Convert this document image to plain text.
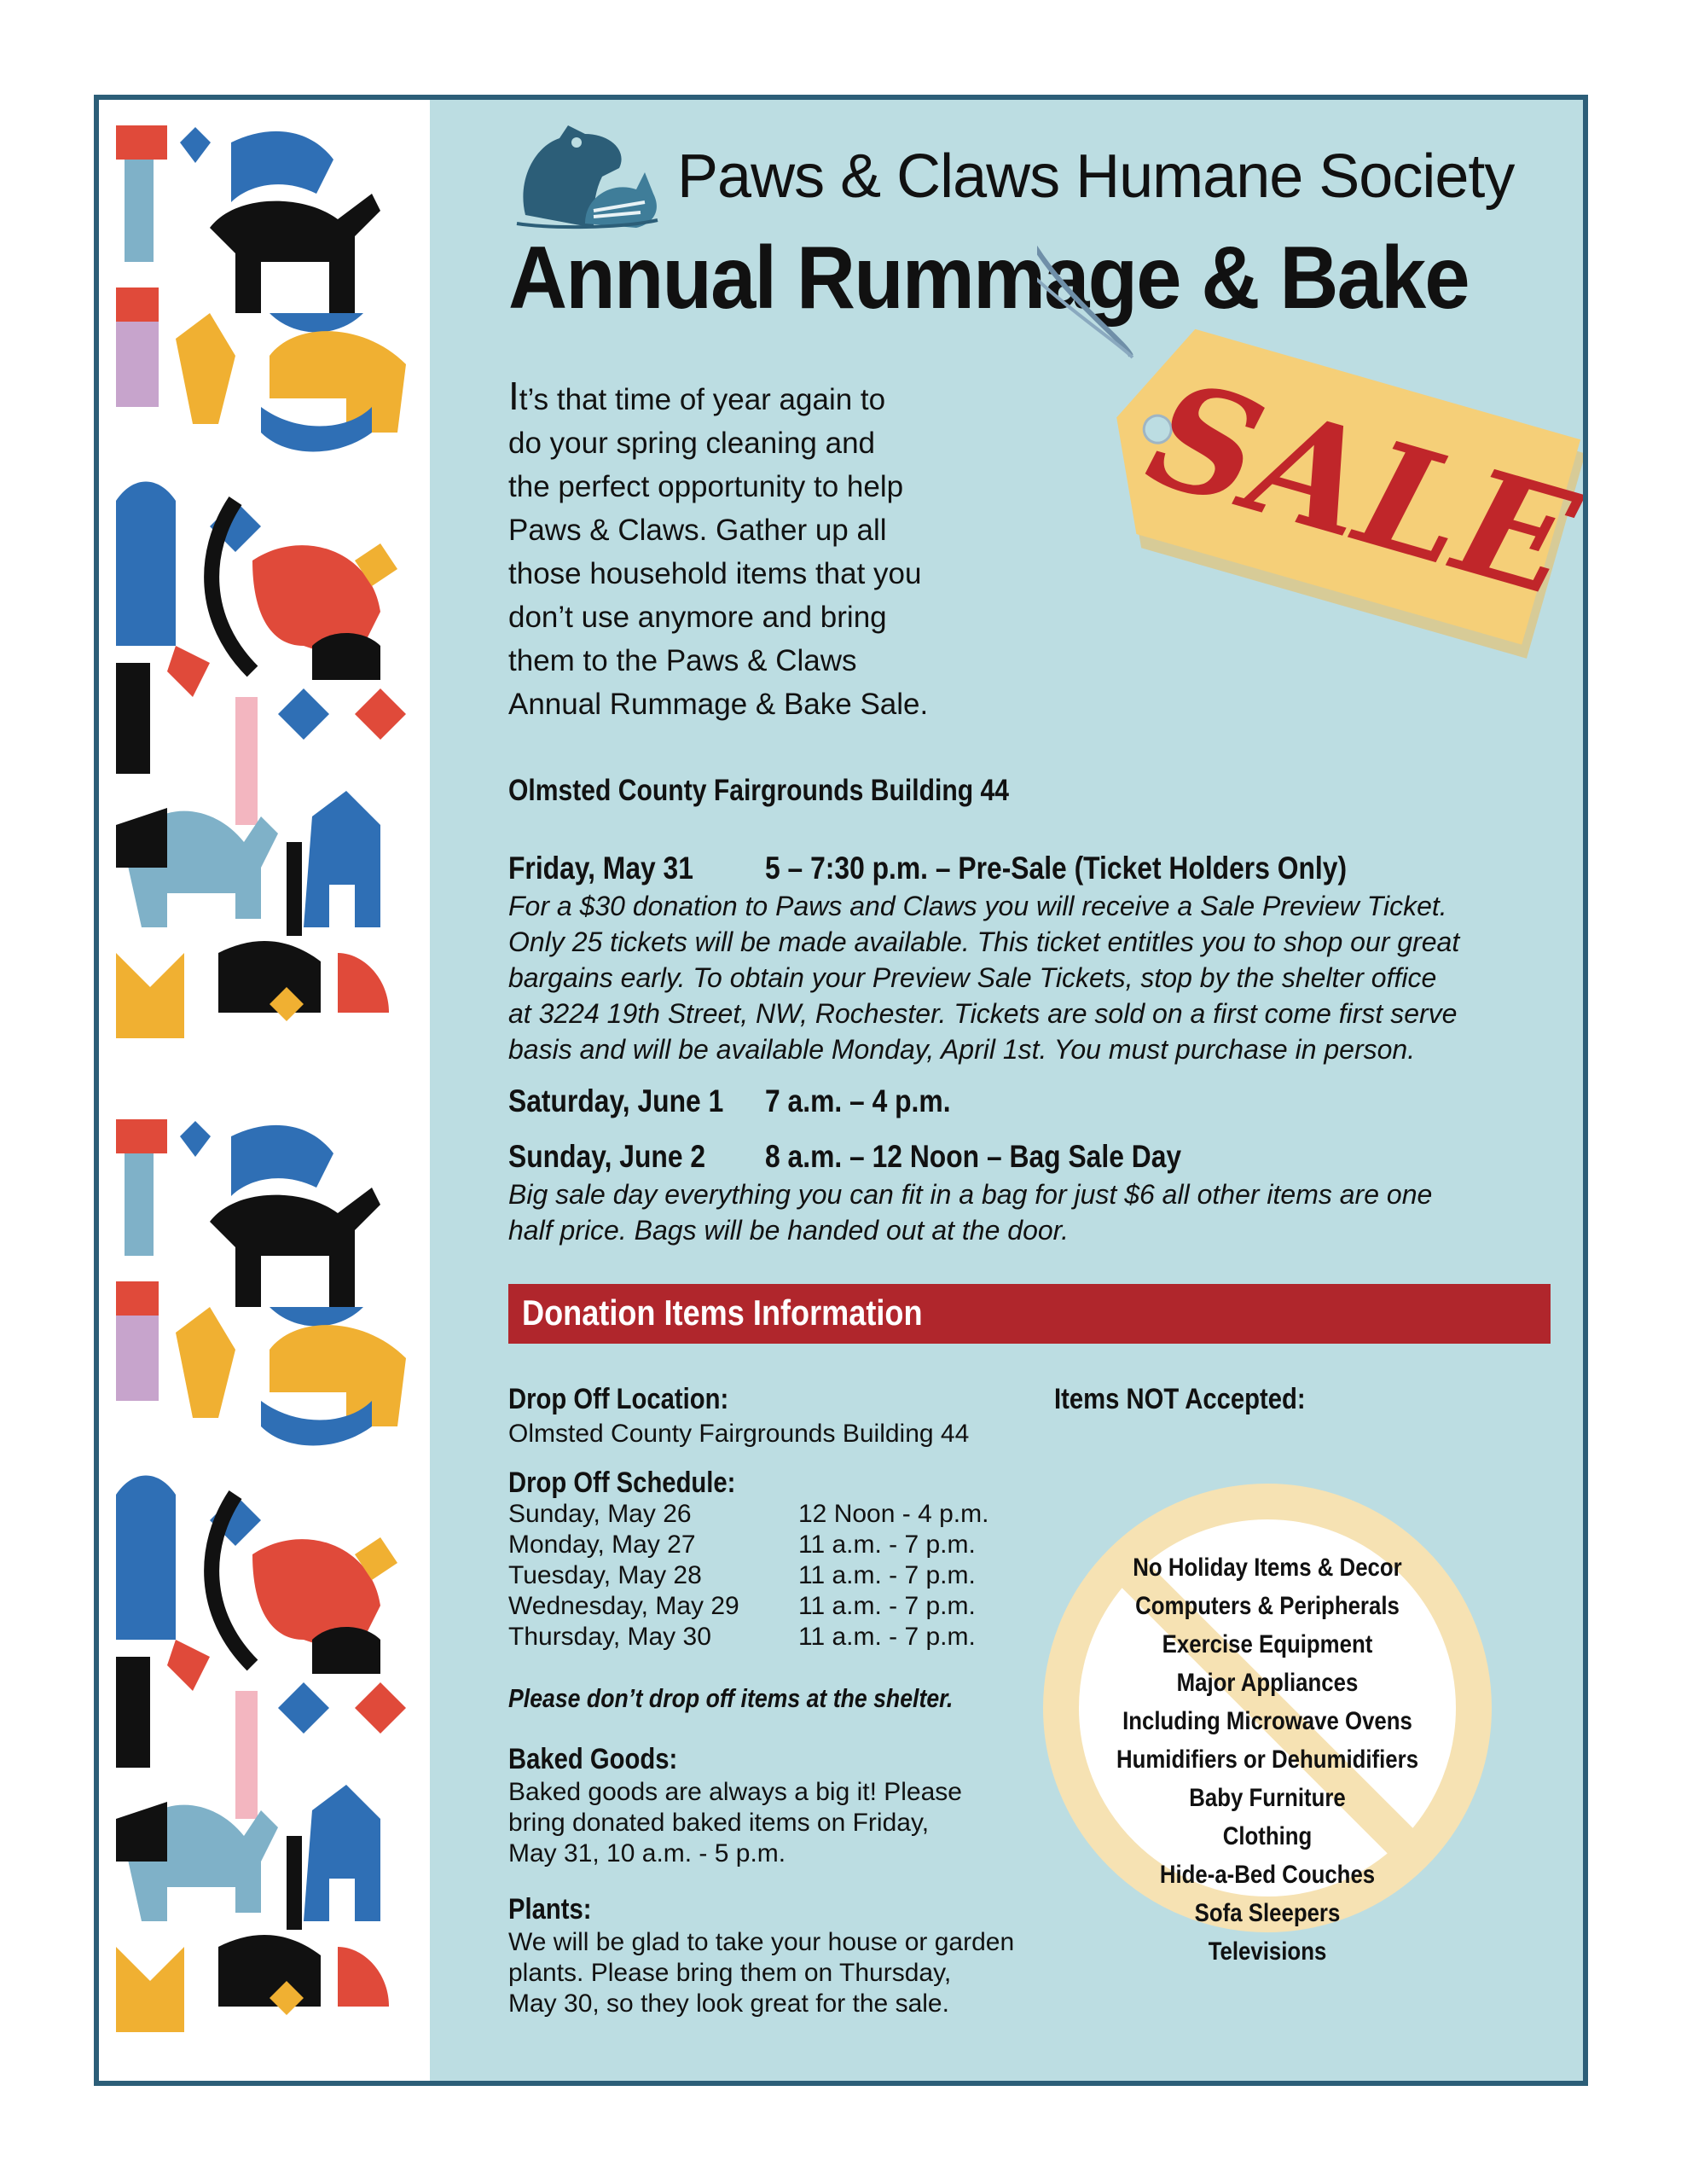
Paws & Claws Humane Society
Annual Rummage & Bake
SALE
It’s that time of year again to
do your spring cleaning and
the perfect opportunity to help
Paws & Claws. Gather up all
those household items that you
don’t use anymore and bring
them to the Paws & Claws
Annual Rummage & Bake Sale.
Olmsted County Fairgrounds Building 44
Friday, May 31 5 – 7:30 p.m. – Pre-Sale (Ticket Holders Only)
For a $30 donation to Paws and Claws you will receive a Sale Preview Ticket.
Only 25 tickets will be made available. This ticket entitles you to shop our great
bargains early. To obtain your Preview Sale Tickets, stop by the shelter office
at 3224 19th Street, NW, Rochester. Tickets are sold on a first come first serve
basis and will be available Monday, April 1st. You must purchase in person.
Saturday, June 1 7 a.m. – 4 p.m.
Sunday, June 2 8 a.m. – 12 Noon – Bag Sale Day
Big sale day everything you can fit in a bag for just $6 all other items are one
half price. Bags will be handed out at the door.
Donation Items Information
Drop Off Location:
Olmsted County Fairgrounds Building 44
Drop Off Schedule:
Sunday, May 26	12 Noon - 4 p.m.
Monday, May 27	11 a.m. - 7 p.m.
Tuesday, May 28	11 a.m. - 7 p.m.
Wednesday, May 29 11 a.m. - 7 p.m.
Thursday, May 30	11 a.m. - 7 p.m.
Please don’t drop off items at the shelter.
Baked Goods:
Baked goods are always a big it! Please
bring donated baked items on Friday,
May 31, 10 a.m. - 5 p.m.
Plants:
We will be glad to take your house or garden
plants. Please bring them on Thursday,
May 30, so they look great for the sale.
Items NOT Accepted:
No Holiday Items & Decor
Computers & Peripherals
Exercise Equipment
Major Appliances
Including Microwave Ovens
Humidifiers or Dehumidifiers
Baby Furniture
Clothing
Hide-a-Bed Couches
Sofa Sleepers
Televisions
